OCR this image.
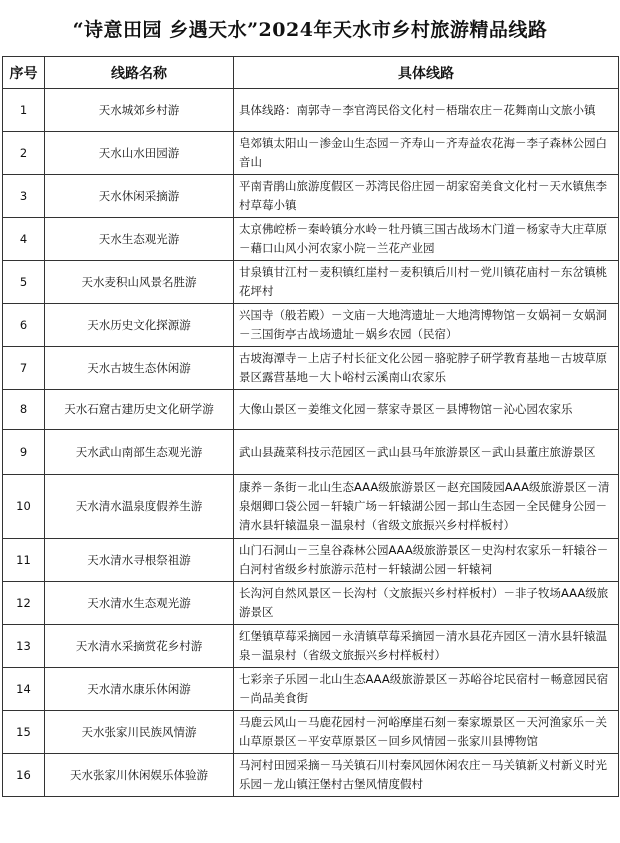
“诗意田园 乡遇天水”2024年天水市乡村旅游精品线路
序号	线路名称	具体线路
1	天水城郊乡村游	具体线路：南郭寺－李官湾民俗文化村－梧瑞农庄－花舞南山文旅小镇
2	天水山水田园游	皂郊镇太阳山－渗金山生态园－齐寿山－齐寿益农花海－李子森林公园白音山
3	天水休闲采摘游	平南青鹃山旅游度假区－苏湾民俗庄园－胡家窑美食文化村－天水镇焦李村草莓小镇
4	天水生态观光游	太京佛崆桥－秦岭镇分水岭－牡丹镇三国古战场木门道－杨家寺大庄草原－藉口山风小河农家小院－兰花产业园
5	天水麦积山风景名胜游	甘泉镇甘江村－麦积镇红崖村－麦积镇后川村－党川镇花庙村－东岔镇桃花坪村
6	天水历史文化探源游	兴国寺（般若殿）－文庙－大地湾遗址－大地湾博物馆－女娲祠－女娲洞－三国街亭古战场遗址－娲乡农园（民宿）
7	天水古坡生态休闲游	古坡海潭寺－上店子村长征文化公园－骆驼脖子研学教育基地－古坡草原景区露营基地－大卜峪村云溪南山农家乐
8	天水石窟古建历史文化研学游	大像山景区－姜维文化园－蔡家寺景区－县博物馆－沁心园农家乐
9	天水武山南部生态观光游	武山县蔬菜科技示范园区－武山县马年旅游景区－武山县董庄旅游景区
10	天水清水温泉度假养生游	康养－条街－北山生态AAA级旅游景区－赵充国陵园AAA级旅游景区－清泉烟卿口袋公园－轩辕广场－轩辕湖公园－邽山生态园－全民健身公园－清水县轩辕温泉－温泉村（省级文旅振兴乡村样板村）
11	天水清水寻根祭祖游	山门石洞山－三皇谷森林公园AAA级旅游景区－史沟村农家乐－轩辕谷－白河村省级乡村旅游示范村－轩辕湖公园－轩辕祠
12	天水清水生态观光游	长沟河自然风景区－长沟村（文旅振兴乡村样板村）－非子牧场AAA级旅游景区
13	天水清水采摘赏花乡村游	红堡镇草莓采摘园－永清镇草莓采摘园－清水县花卉园区－清水县轩辕温泉－温泉村（省级文旅振兴乡村样板村）
14	天水清水康乐休闲游	七彩亲子乐园－北山生态AAA级旅游景区－苏峪谷坨民宿村－畅意园民宿－尚品美食街
15	天水张家川民族风情游	马鹿云风山－马鹿花园村－河峪摩崖石刻－秦家塬景区－天河渔家乐－关山草原景区－平安草原景区－回乡风情园－张家川县博物馆
16	天水张家川休闲娱乐体验游	马河村田园采摘－马关镇石川村秦风园休闲农庄－马关镇新义村新义时光乐园－龙山镇汪堡村古堡风情度假村
